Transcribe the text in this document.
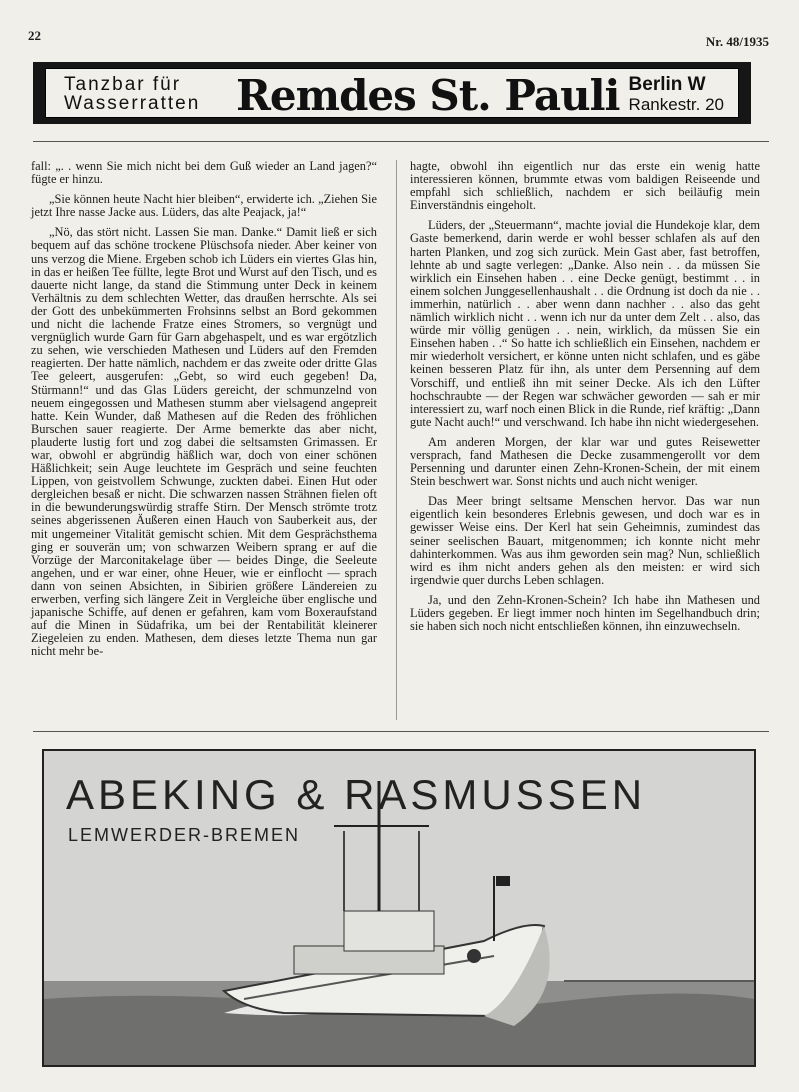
22	Nr. 48/1935
Tanzbar für
Wasserratten Remdes St. Pauli Berlin W
Rankestr. 20

fall: „. . wenn Sie mich nicht bei dem Guß wieder an Land jagen?“ fügte er hinzu.

„Sie können heute Nacht hier bleiben“, erwiderte ich. „Ziehen Sie jetzt Ihre nasse Jacke aus. Lüders, das alte Peajack, ja!“

„Nö, das stört nicht. Lassen Sie man. Danke.“ Damit ließ er sich bequem auf das schöne trockene Plüschsofa nieder. Aber keiner von uns verzog die Miene. Ergeben schob ich Lüders ein viertes Glas hin, in das er heißen Tee füllte, legte Brot und Wurst auf den Tisch, und es dauerte nicht lange, da stand die Stimmung unter Deck in keinem Verhältnis zu dem schlechten Wetter, das draußen herrschte. Als sei der Gott des unbekümmerten Frohsinns selbst an Bord gekommen und nicht die lachende Fratze eines Stromers, so vergnügt und vergnüglich wurde Garn für Garn abgehaspelt, und es war ergötzlich zu sehen, wie verschieden Mathesen und Lüders auf den Fremden reagierten. Der hatte nämlich, nachdem er das zweite oder dritte Glas Tee geleert, ausgerufen: „Gebt, so wird euch gegeben! Da, Stürmann!“ und das Glas Lüders gereicht, der schmunzelnd von neuem eingegossen und Mathesen stumm aber vielsagend angepreit hatte. Kein Wunder, daß Mathesen auf die Reden des fröhlichen Burschen sauer reagierte. Der Arme bemerkte das aber nicht, plauderte lustig fort und zog dabei die seltsamsten Grimassen. Er war, obwohl er abgründig häßlich war, doch von einer schönen Häßlichkeit; sein Auge leuchtete im Gespräch und seine feuchten Lippen, von geistvollem Schwunge, zuckten dabei. Einen Hut oder dergleichen besaß er nicht. Die schwarzen nassen Strähnen fielen oft in die bewunderungswürdig straffe Stirn. Der Mensch strömte trotz seines abgerissenen Äußeren einen Hauch von Sauberkeit aus, der mit ungemeiner Vitalität gemischt schien. Mit dem Gesprächsthema ging er souverän um; von schwarzen Weibern sprang er auf die Vorzüge der Marconitakelage über — beides Dinge, die Seeleute angehen, und er war einer, ohne Heuer, wie er einflocht — sprach dann von seinen Absichten, in Sibirien größere Ländereien zu erwerben, verfing sich längere Zeit in Vergleiche über englische und japanische Schiffe, auf denen er gefahren, kam vom Boxeraufstand auf die Minen in Südafrika, um bei der Rentabilität kleinerer Ziegeleien zu enden. Mathesen, dem dieses letzte Thema nun gar nicht mehr be-

hagte, obwohl ihn eigentlich nur das erste ein wenig hatte interessieren können, brummte etwas vom baldigen Reiseende und empfahl sich schließlich, nachdem er sich beiläufig mein Einverständnis eingeholt.

Lüders, der „Steuermann“, machte jovial die Hundekoje klar, dem Gaste bemerkend, darin werde er wohl besser schlafen als auf den harten Planken, und zog sich zurück. Mein Gast aber, fast betroffen, lehnte ab und sagte verlegen: „Danke. Also nein . . da müssen Sie wirklich ein Einsehen haben . . eine Decke genügt, bestimmt . . in einem solchen Junggesellenhaushalt . . die Ordnung ist doch da nie . . immerhin, natürlich . . aber wenn dann nachher . . also das geht nämlich wirklich nicht . . wenn ich nur da unter dem Zelt . . also, das würde mir völlig genügen . . nein, wirklich, da müssen Sie ein Einsehen haben . .“ So hatte ich schließlich ein Einsehen, nachdem er mir wiederholt versichert, er könne unten nicht schlafen, und es gäbe keinen besseren Platz für ihn, als unter dem Persenning auf dem Vorschiff, und entließ ihn mit seiner Decke. Als ich den Lüfter hochschraubte — der Regen war schwächer geworden — sah er mir interessiert zu, warf noch einen Blick in die Runde, rief kräftig: „Dann gute Nacht auch!“ und verschwand. Ich habe ihn nicht wiedergesehen.

Am anderen Morgen, der klar war und gutes Reisewetter versprach, fand Mathesen die Decke zusammengerollt vor dem Persenning und darunter einen Zehn-Kronen-Schein, der mit einem Stein beschwert war. Sonst nichts und auch nicht weniger.

Das Meer bringt seltsame Menschen hervor. Das war nun eigentlich kein besonderes Erlebnis gewesen, und doch war es in gewisser Weise eins. Der Kerl hat sein Geheimnis, zumindest das seiner seelischen Bauart, mitgenommen; ich konnte nicht mehr dahinterkommen. Was aus ihm geworden sein mag? Nun, schließlich wird es ihm nicht anders gehen als den meisten: er wird sich irgendwie quer durchs Leben schlagen.

Ja, und den Zehn-Kronen-Schein? Ich habe ihn Mathesen und Lüders gegeben. Er liegt immer noch hinten im Segelhandbuch drin; sie haben sich noch nicht entschließen können, ihn einzuwechseln.

ABEKING & RASMUSSEN
LEMWERDER-BREMEN
